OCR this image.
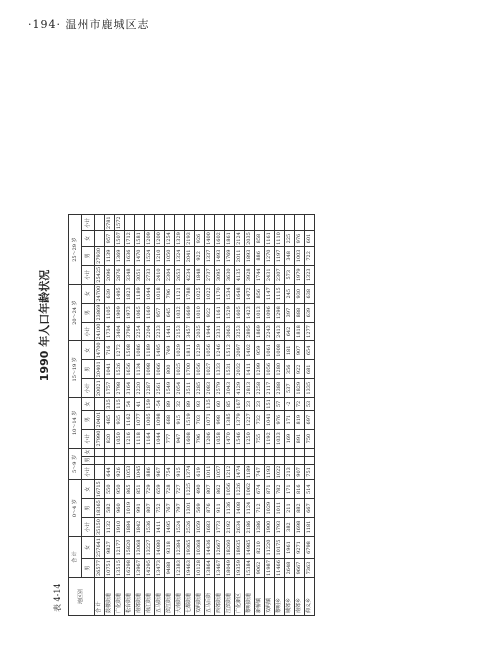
·194· 温州市鹿城区志
1990 年人口年龄状况
表 4-14	地区别	合 计		0～4 岁			5～9 岁			10～14 岁			15～19 岁			20～24 岁			25～29 岁			
	男	女	小计	男	女	小计	男	女	小计	男	女	小计	男	女	小计	男	女	小计	男	女	小计
合 计	26577	257641	35150	18365	16715				27990	20401		20021	20401	14700	24100	23869	24700	25425	27930		
鼓楼街道	10751	9827	1132	582	550	644			820	485	335	1757	1041	716	1734	1105	639	2096	1139	957	2781
广化街道	13515	12177	1910	960	950	926			1050	935	115	2798	1526	1272	3404	1909	1495	2876	1369	1507	1572
松台街道	16298	15820	1884	1019	865	1053			1216	1162	54	3164	1656	1508	3796	1973	1823	3348	1636	1712	
南郊街道	13967	13068	1842	991	851	1045			1118	1077	41	2220	1134	1086	2254	1065	1189	3051	1470	1581	
南汇街道	14295	13227	1536	807	729	886			1164	1005	159	2287	1098	1189	2204	1160	1044	2733	1524	1209	
五马街道	13473	14080	1411	752	659	967			1044	1098	-54	2561	1066	1495	2233	957	1018	2410	1210	1200	
滨江街道	9488	9318	1495	767	728	754			777	688	89	1549	800	749	1441	645	796	2304	1050	1254	
大南街道	12383	12384	1524	797	727	915			947	915	32	2054	1025	1029	2153	1032	1121	2653	1324	1329	
七都街道	19463	19365	2526	1301	1225	1374			1608	1519	89	3511	1700	1811	3457	1669	1788	4234	2041	2193	
双屿街道	10128	10368	1059	569	490	619			796	703	93	2285	1056	1229	2035	1010	1025	1848	922	926	
五马后街	13864	14436	1683	876	807	1011			1206	1071	135	2083	1027	1056	1944	922	1022	2737	1337	1400	
西郊街道	13467	12667	1773	911	862	1057			1058	998	60	2579	1333	1246	2331	1161	1170	3095	1493	1602	
江滨街道	18049	18260	2192	1136	1056	1212			1470	1385	85	3043	1531	1512	3063	1529	1534	3630	1769	1861	
广化新区	19359	18935	2634	1408	1226	1474			1546	1379	167	4129	2032	2097	3253	1605	1648	4135	2011	2124	
黎明街道	15384	14985	2186	1124	1062	1189			1250	1227	23	2813	1411	1402	2895	1423	1472	3928	1893	2035	
新桥镇	9062	8210	1386	712	674	747			755	732	23	2258	1299	959	1869	1013	856	1744	886	858	
双屿镇	11987	11220	1900	1029	871	1193			1192	1041	151	2117	1056	1061	2243	1096	1147	2431	1270	1161	
黎明乡	11466	10175	1793	1011	782	1022			1033	976	57	2388	1280	1008	2413	1298	1115	2307	1197	1110	
城郊乡	2648	1961	382	211	171	213			169	171	-2	537	356	181	642	397	245	573	348	225	
南郊乡	9667	9271	1698	882	816	907			891	819	72	1829	922	907	1818	888	930	1979	1003	976	
仰义乡	7363	6798	1181	667	514	751			750	697	53	1335	681	654	1277	639	638	1323	722	601	
